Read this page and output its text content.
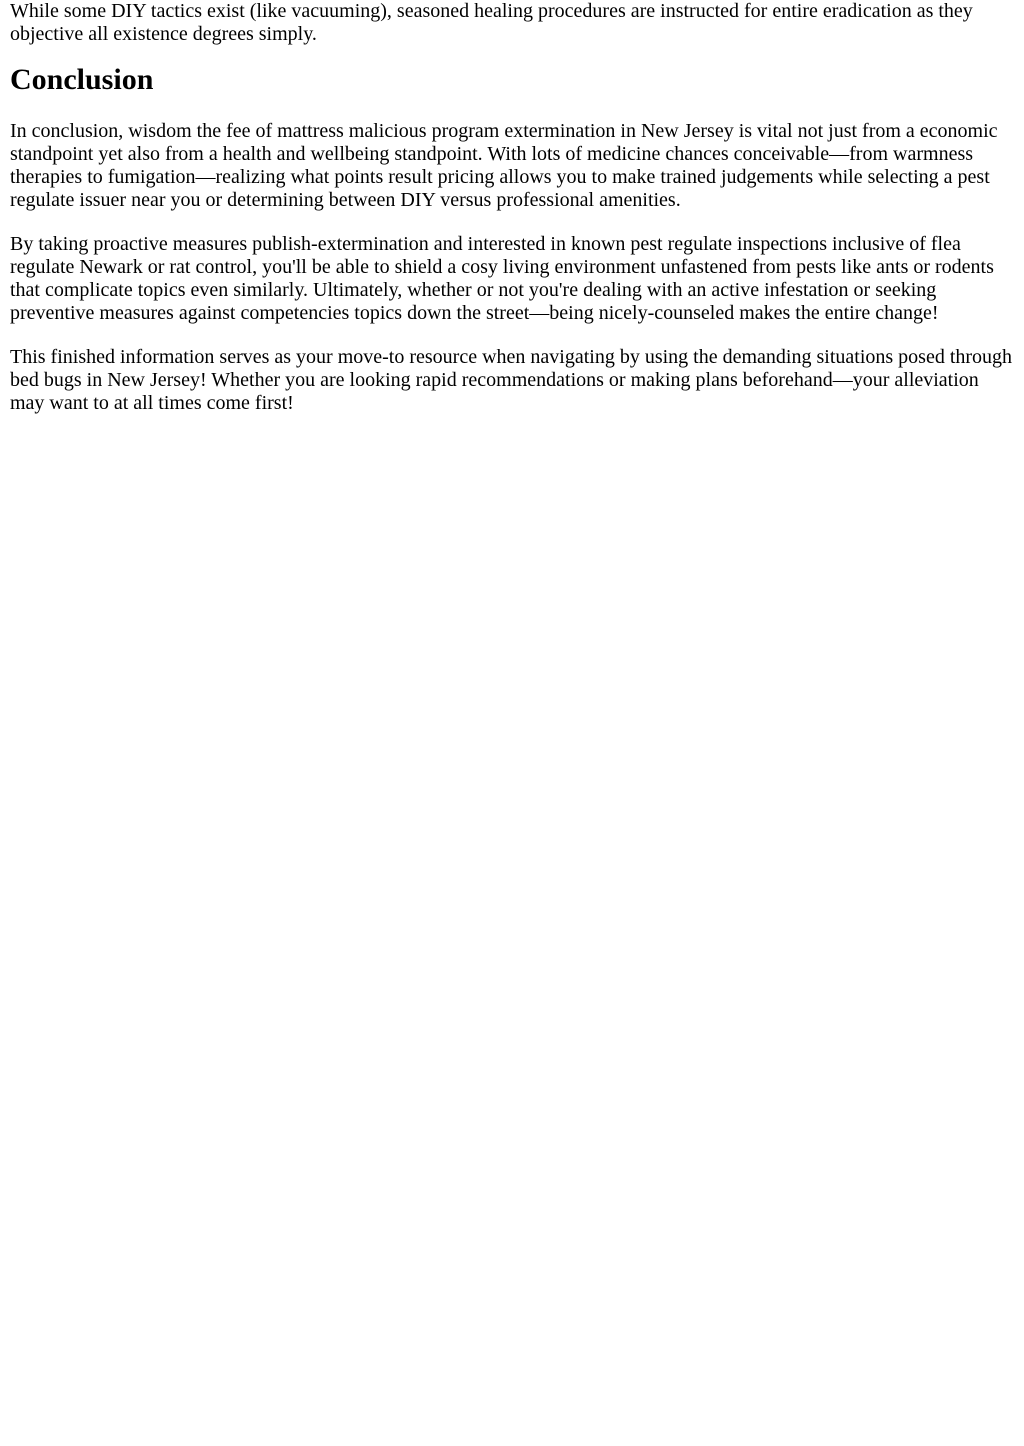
While some DIY tactics exist (like vacuuming), seasoned healing procedures are instructed for entire eradication as they objective all existence degrees simply.

Conclusion

In conclusion, wisdom the fee of mattress malicious program extermination in New Jersey is vital not just from a economic standpoint yet also from a health and wellbeing standpoint. With lots of medicine chances conceivable—from warmness therapies to fumigation—realizing what points result pricing allows you to make trained judgements while selecting a pest regulate issuer near you or determining between DIY versus professional amenities.

By taking proactive measures publish-extermination and interested in known pest regulate inspections inclusive of flea regulate Newark or rat control, you'll be able to shield a cosy living environment unfastened from pests like ants or rodents that complicate topics even similarly. Ultimately, whether or not you're dealing with an active infestation or seeking preventive measures against competencies topics down the street—being nicely-counseled makes the entire change!

This finished information serves as your move-to resource when navigating by using the demanding situations posed through bed bugs in New Jersey! Whether you are looking rapid recommendations or making plans beforehand—your alleviation may want to at all times come first!
